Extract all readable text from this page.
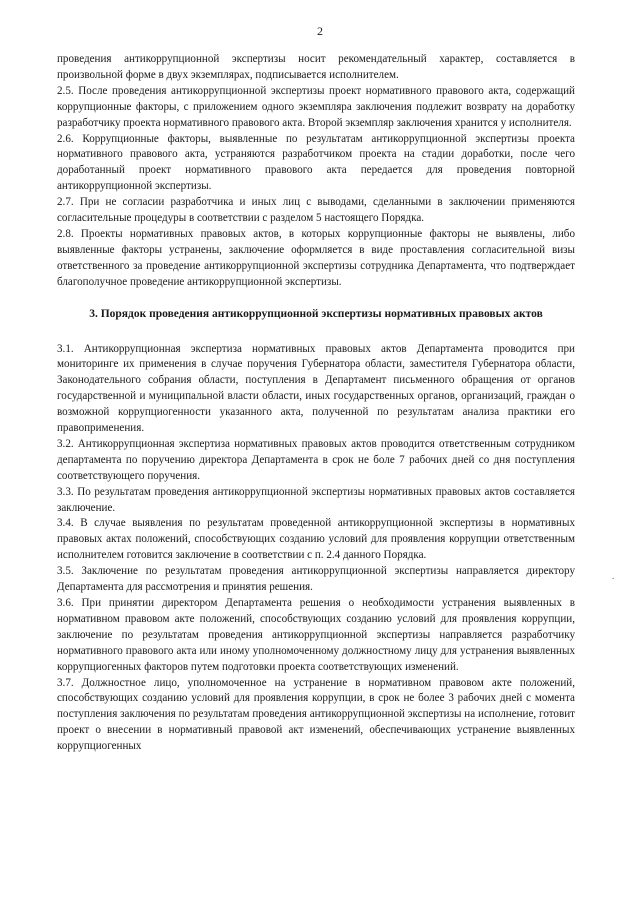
2

проведения антикоррупционной экспертизы носит рекомендательный характер, составляется в произвольной форме в двух экземплярах, подписывается исполнителем.

2.5. После проведения антикоррупционной экспертизы проект нормативного правового акта, содержащий коррупционные факторы, с приложением одного экземпляра заключения подлежит возврату на доработку разработчику проекта нормативного правового акта. Второй экземпляр заключения хранится у исполнителя.

2.6. Коррупционные факторы, выявленные по результатам антикоррупционной экспертизы проекта нормативного правового акта, устраняются разработчиком проекта на стадии доработки, после чего доработанный проект нормативного правового акта передается для проведения повторной антикоррупционной экспертизы.

2.7. При не согласии разработчика и иных лиц с выводами, сделанными в заключении применяются согласительные процедуры в соответствии с разделом 5 настоящего Порядка.

2.8. Проекты нормативных правовых актов, в которых коррупционные факторы не выявлены, либо выявленные факторы устранены, заключение оформляется в виде проставления согласительной визы ответственного за проведение антикоррупционной экспертизы сотрудника Департамента, что подтверждает благополучное проведение антикоррупционной экспертизы.

3. Порядок проведения антикоррупционной экспертизы нормативных правовых актов

3.1. Антикоррупционная экспертиза нормативных правовых актов Департамента проводится при мониторинге их применения в случае поручения Губернатора области, заместителя Губернатора области, Законодательного собрания области, поступления в Департамент письменного обращения от органов государственной и муниципальной власти области, иных государственных органов, организаций, граждан о возможной коррупциогенности указанного акта, полученной по результатам анализа практики его правоприменения.

3.2. Антикоррупционная экспертиза нормативных правовых актов проводится ответственным сотрудником департамента по поручению директора Департамента в срок не боле 7 рабочих дней со дня поступления соответствующего поручения.

3.3. По результатам проведения антикоррупционной экспертизы нормативных правовых актов составляется заключение.

3.4. В случае выявления по результатам проведенной антикоррупционной экспертизы в нормативных правовых актах положений, способствующих созданию условий для проявления коррупции ответственным исполнителем готовится заключение в соответствии с п. 2.4 данного Порядка.

3.5. Заключение по результатам проведения антикоррупционной экспертизы направляется директору Департамента для рассмотрения и принятия решения.

3.6. При принятии директором Департамента решения о необходимости устранения выявленных в нормативном правовом акте положений, способствующих созданию условий для проявления коррупции, заключение по результатам проведения антикоррупционной экспертизы направляется разработчику нормативного правового акта или иному уполномоченному должностному лицу для устранения выявленных коррупциогенных факторов путем подготовки проекта соответствующих изменений.

3.7. Должностное лицо, уполномоченное на устранение в нормативном правовом акте положений, способствующих созданию условий для проявления коррупции, в срок не более 3 рабочих дней с момента поступления заключения по результатам проведения антикоррупционной экспертизы на исполнение, готовит проект о внесении в нормативный правовой акт изменений, обеспечивающих устранение выявленных коррупциогенных

.
